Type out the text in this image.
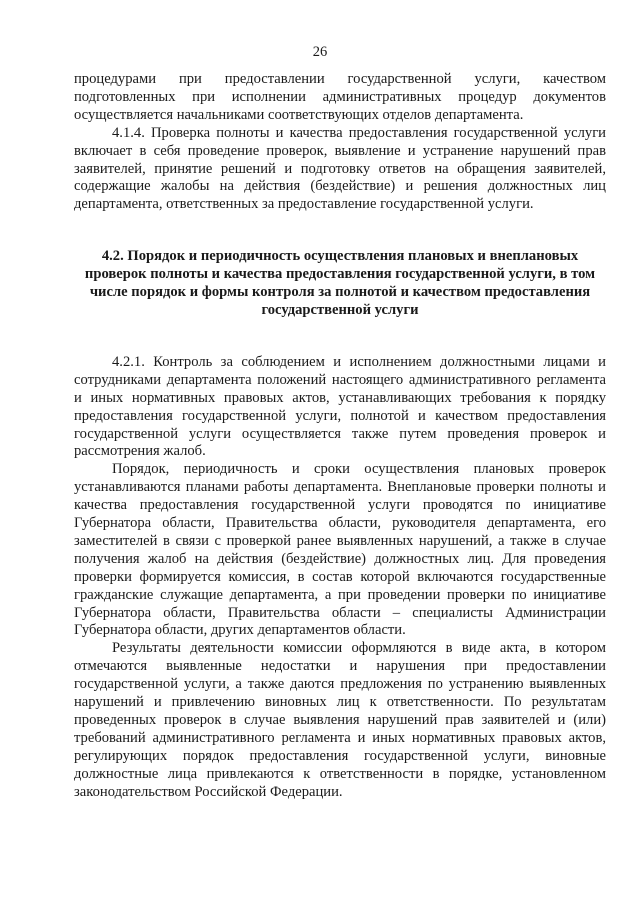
26

процедурами при предоставлении государственной услуги, качеством подготовленных при исполнении административных процедур документов осуществляется начальниками соответствующих отделов департамента.

4.1.4. Проверка полноты и качества предоставления государственной услуги включает в себя проведение проверок, выявление и устранение нарушений прав заявителей, принятие решений и подготовку ответов на обращения заявителей, содержащие жалобы на действия (бездействие) и решения должностных лиц департамента, ответственных за предоставление государственной услуги.

4.2. Порядок и периодичность осуществления плановых и внеплановых проверок полноты и качества предоставления государственной услуги, в том числе порядок и формы контроля за полнотой и качеством предоставления государственной услуги

4.2.1. Контроль за соблюдением и исполнением должностными лицами и сотрудниками департамента положений настоящего административного регламента и иных нормативных правовых актов, устанавливающих требования к порядку предоставления государственной услуги, полнотой и качеством предоставления государственной услуги осуществляется также путем проведения проверок и рассмотрения жалоб.

Порядок, периодичность и сроки осуществления плановых проверок устанавливаются планами работы департамента. Внеплановые проверки полноты и качества предоставления государственной услуги проводятся по инициативе Губернатора области, Правительства области, руководителя департамента, его заместителей в связи с проверкой ранее выявленных нарушений, а также в случае получения жалоб на действия (бездействие) должностных лиц. Для проведения проверки формируется комиссия, в состав которой включаются государственные гражданские служащие департамента, а при проведении проверки по инициативе Губернатора области, Правительства области – специалисты Администрации Губернатора области, других департаментов области.

Результаты деятельности комиссии оформляются в виде акта, в котором отмечаются выявленные недостатки и нарушения при предоставлении государственной услуги, а также даются предложения по устранению выявленных нарушений и привлечению виновных лиц к ответственности. По результатам проведенных проверок в случае выявления нарушений прав заявителей и (или) требований административного регламента и иных нормативных правовых актов, регулирующих порядок предоставления государственной услуги, виновные должностные лица привлекаются к ответственности в порядке, установленном законодательством Российской Федерации.
